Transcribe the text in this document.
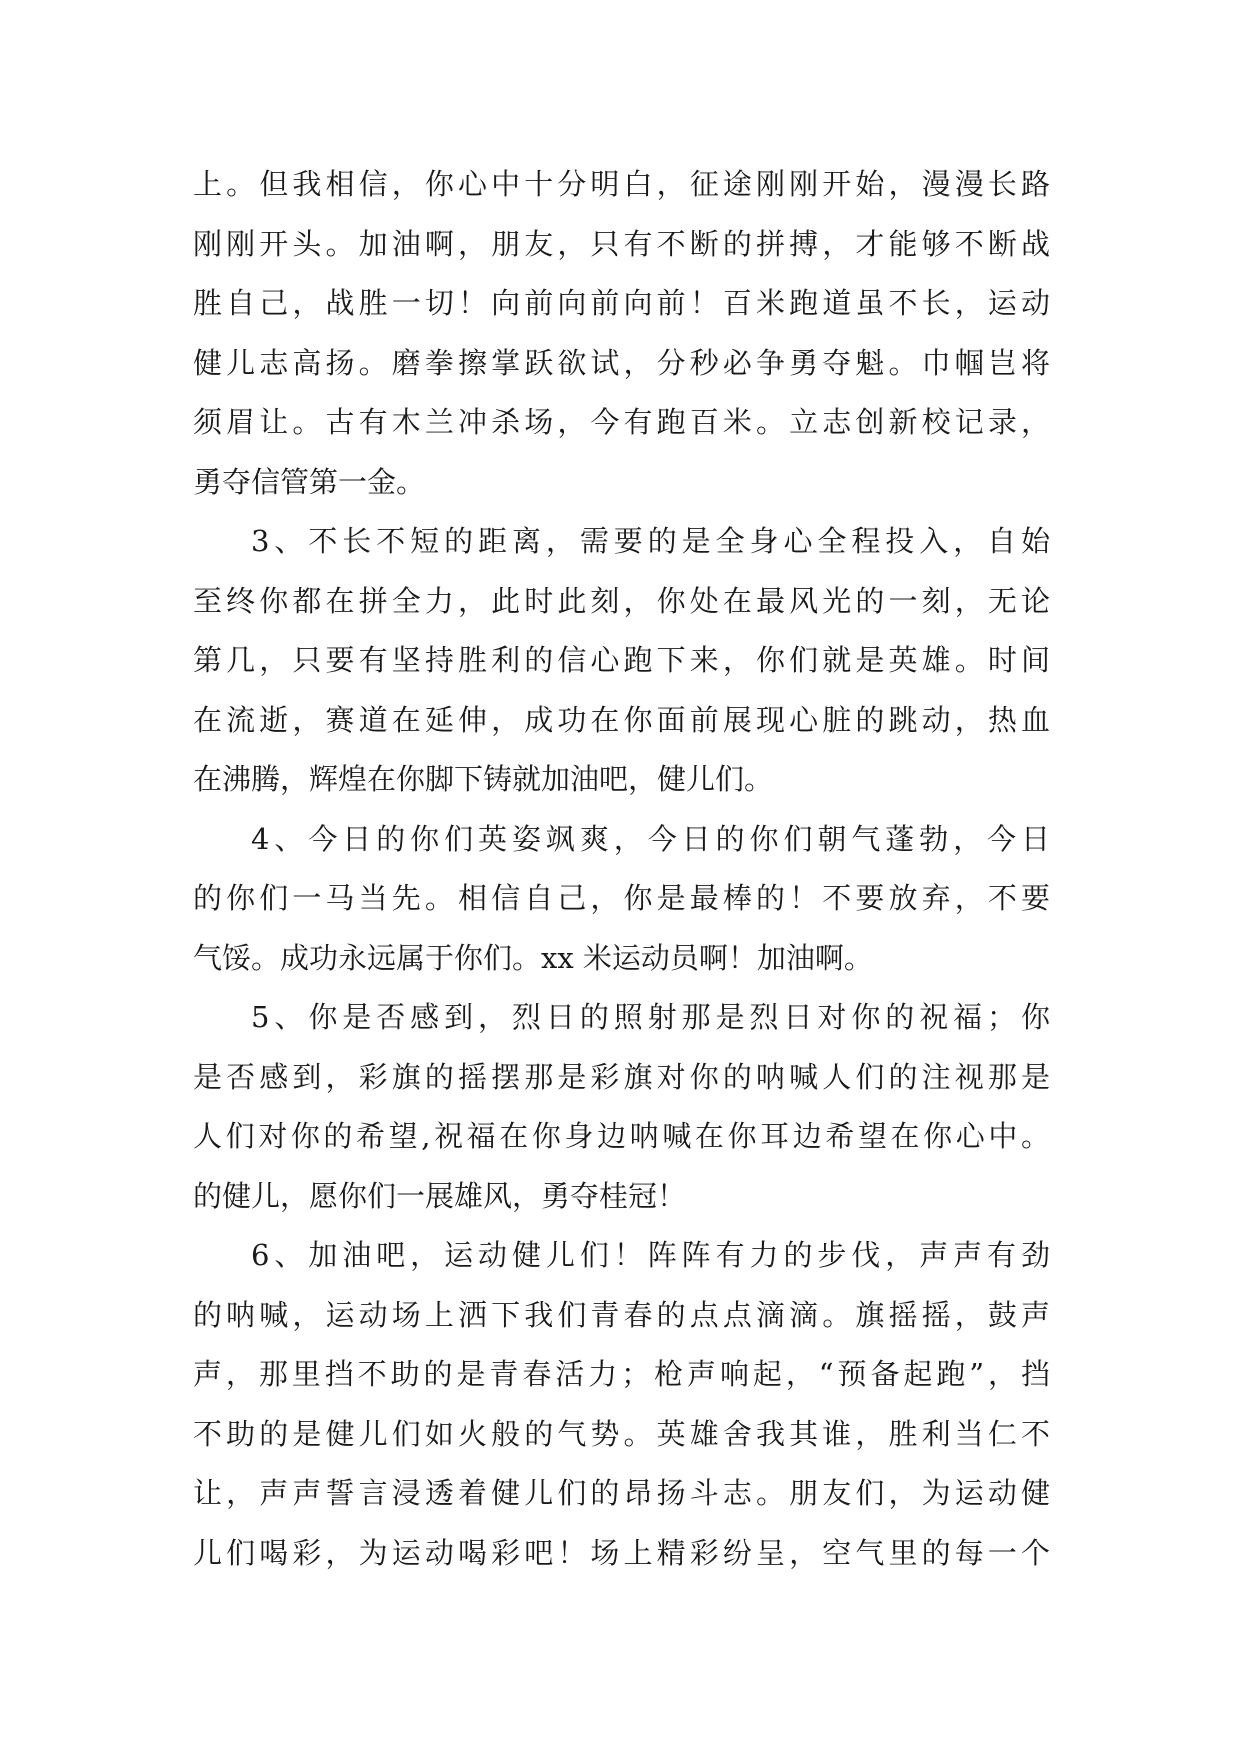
上。但我相信，你心中十分明白，征途刚刚开始，漫漫长路
刚刚开头。加油啊，朋友，只有不断的拼搏，才能够不断战
胜自己，战胜一切！向前向前向前！百米跑道虽不长，运动
健儿志高扬。磨拳擦掌跃欲试，分秒必争勇夺魁。巾帼岂将
须眉让。古有木兰冲杀场，今有跑百米。立志创新校记录，
勇夺信管第一金。
3、不长不短的距离，需要的是全身心全程投入，自始
至终你都在拼全力，此时此刻，你处在最风光的一刻，无论
第几，只要有坚持胜利的信心跑下来，你们就是英雄。时间
在流逝，赛道在延伸，成功在你面前展现心脏的跳动，热血
在沸腾，辉煌在你脚下铸就加油吧，健儿们。
4、今日的你们英姿飒爽，今日的你们朝气蓬勃，今日
的你们一马当先。相信自己，你是最棒的！不要放弃，不要
气馁。成功永远属于你们。xx 米运动员啊！加油啊。
5、你是否感到，烈日的照射那是烈日对你的祝福；你
是否感到，彩旗的摇摆那是彩旗对你的呐喊人们的注视那是
人们对你的希望,祝福在你身边呐喊在你耳边希望在你心中。
的健儿，愿你们一展雄风，勇夺桂冠！
6、加油吧，运动健儿们！阵阵有力的步伐，声声有劲
的呐喊，运动场上洒下我们青春的点点滴滴。旗摇摇，鼓声
声，那里挡不助的是青春活力；枪声响起，“预备起跑”，挡
不助的是健儿们如火般的气势。英雄舍我其谁，胜利当仁不
让，声声誓言浸透着健儿们的昂扬斗志。朋友们，为运动健
儿们喝彩，为运动喝彩吧！场上精彩纷呈，空气里的每一个
